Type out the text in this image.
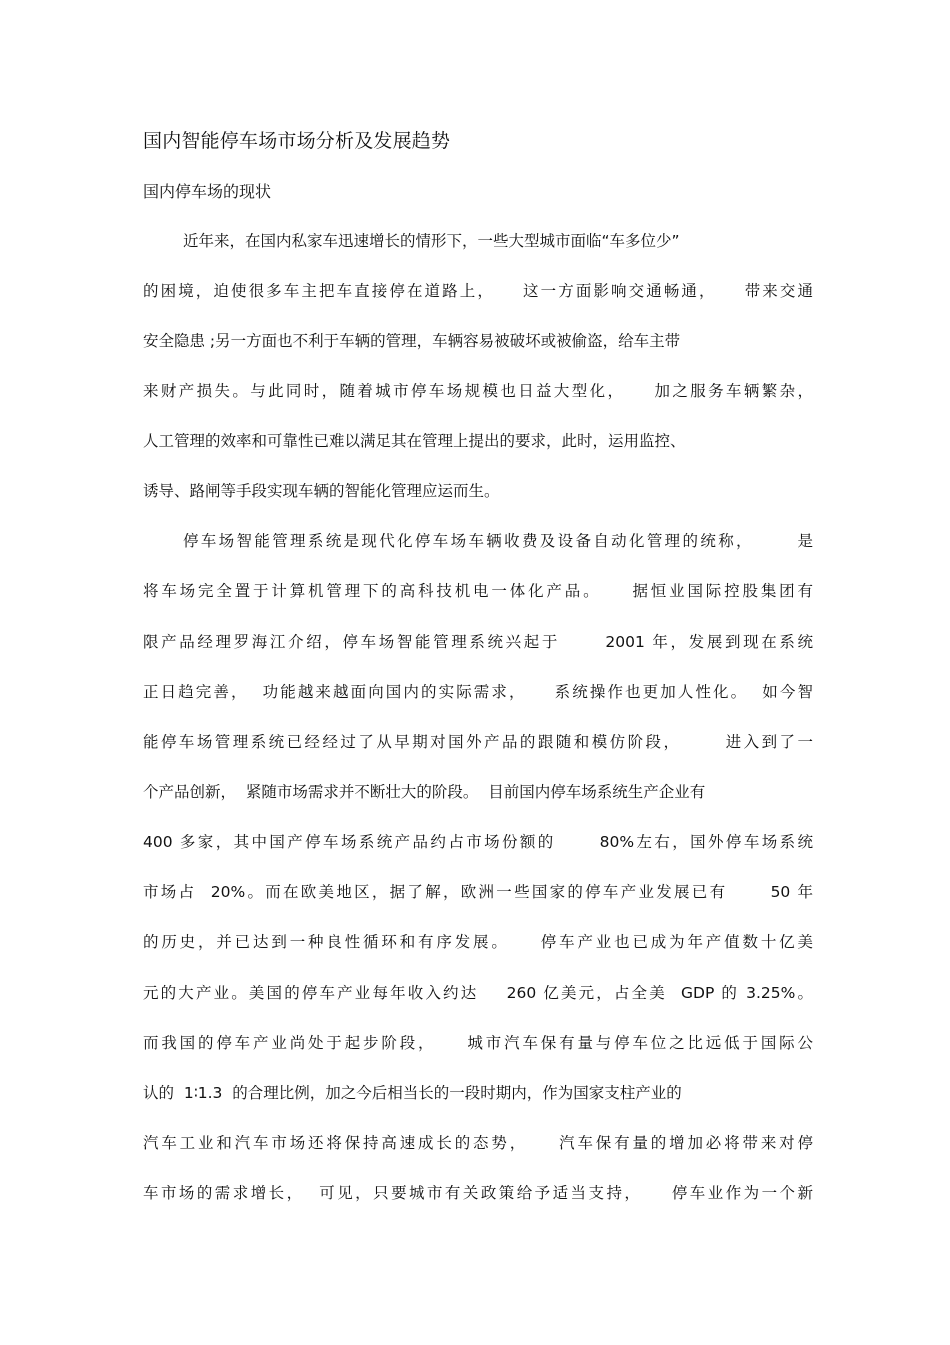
国内智能停车场市场分析及发展趋势
国内停车场的现状
近年来，在国内私家车迅速增长的情形下，一些大型城市面临“车多位少”
的困境，迫使很多车主把车直接停在道路上，    这一方面影响交通畅通，    带来交通
安全隐患 ;另一方面也不利于车辆的管理，车辆容易被破坏或被偷盗，给车主带
来财产损失。与此同时，随着城市停车场规模也日益大型化，    加之服务车辆繁杂，
人工管理的效率和可靠性已难以满足其在管理上提出的要求，此时，运用监控、
诱导、路闸等手段实现车辆的智能化管理应运而生。
停车场智能管理系统是现代化停车场车辆收费及设备自动化管理的统称，      是
将车场完全置于计算机管理下的高科技机电一体化产品。    据恒业国际控股集团有
限产品经理罗海江介绍，停车场智能管理系统兴起于      2001 年，发展到现在系统
正日趋完善，  功能越来越面向国内的实际需求，    系统操作也更加人性化。  如今智
能停车场管理系统已经经过了从早期对国外产品的跟随和模仿阶段，      进入到了一
个产品创新，  紧随市场需求并不断壮大的阶段。  目前国内停车场系统生产企业有
400 多家，其中国产停车场系统产品约占市场份额的      80%左右，国外停车场系统
市场占  20%。而在欧美地区，据了解，欧洲一些国家的停车产业发展已有      50 年
的历史，并已达到一种良性循环和有序发展。    停车产业也已成为年产值数十亿美
元的大产业。美国的停车产业每年收入约达    260 亿美元，占全美  GDP 的 3.25%。
而我国的停车产业尚处于起步阶段，    城市汽车保有量与停车位之比远低于国际公
认的  1∶1.3  的合理比例，加之今后相当长的一段时期内，作为国家支柱产业的
汽车工业和汽车市场还将保持高速成长的态势，    汽车保有量的增加必将带来对停
车市场的需求增长，  可见，只要城市有关政策给予适当支持，    停车业作为一个新
